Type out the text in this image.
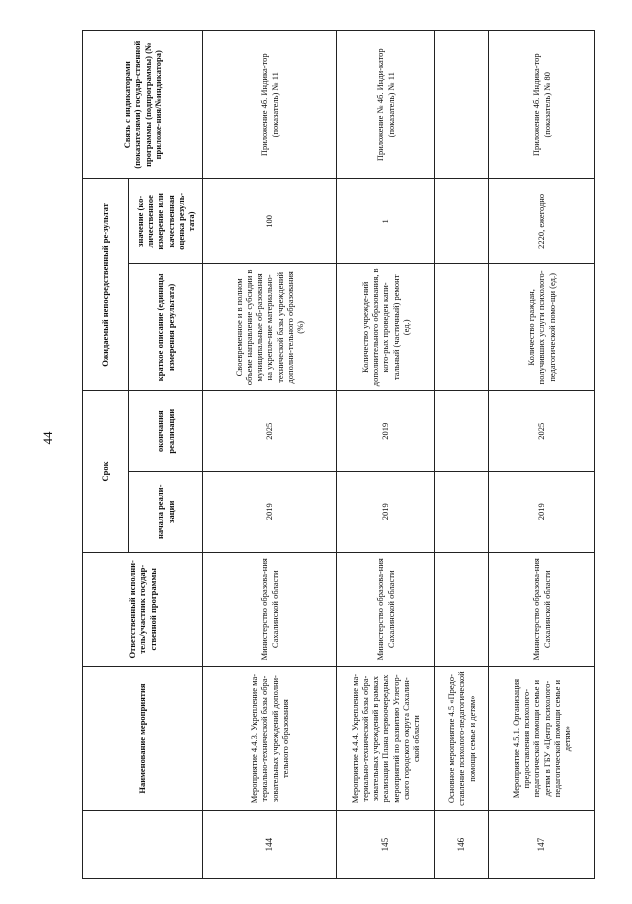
44
	Наименование мероприятия	Ответственный исполни-тель/участник государ-ственной программы	Срок		Ожидаемый непосредственный ре-зультат		Связь с индикаторами (показателями) государ-ственной программы (подпрограммы) (№ приложе-ния/№индикатора)
			начала реали-зации	окончания реализации	краткое описание (единицы измерения результата)	значение (ко-личественное измерение или качественная оценка резуль-тата)	
144	Мероприятие 4.4.3. Укрепление ма-териально-технической базы обра-зовательных учреждений дополни-тельного образования	Министерство образова-ния Сахалинской области	2019	2025	Своевременное и в полном объеме направление субсидии в муниципальные об-разования на укрепле-ние материально-технической базы учреждений дополни-тельного образования (%)	100	Приложение 4б. Индика-тор (показатель) № 11
145	Мероприятие 4.4.4. Укрепление ма-териально-технической базы обра-зовательных учреждений в рамках реализации Плана первоочередных мероприятий по развитию Углегор-ского городского округа Сахалин-ской области	Министерство образова-ния Сахалинской области	2019	2019	Количество учрежде-ний дополнительного образования, в кото-рых проведен капи-тальный (частичный) ремонт (ед.)	1	Приложение № 4б. Инди-катор (показатель) № 11
146	Основное мероприятие 4.5 «Предо-ставление психолого-педагогической помощи семье и детям»						
147	Мероприятие 4.5.1. Организация предоставления психолого-педагогической помощи семье и детям в ГБУ «Центр психолого-педагогической помощи семье и детям»	Министерство образова-ния Сахалинской области	2019	2025	Количество граждан, получивших услуги психолого-педагогической помо-щи (ед.)	2220, ежегодно	Приложение 4б. Индика-тор (показатель) № 80
